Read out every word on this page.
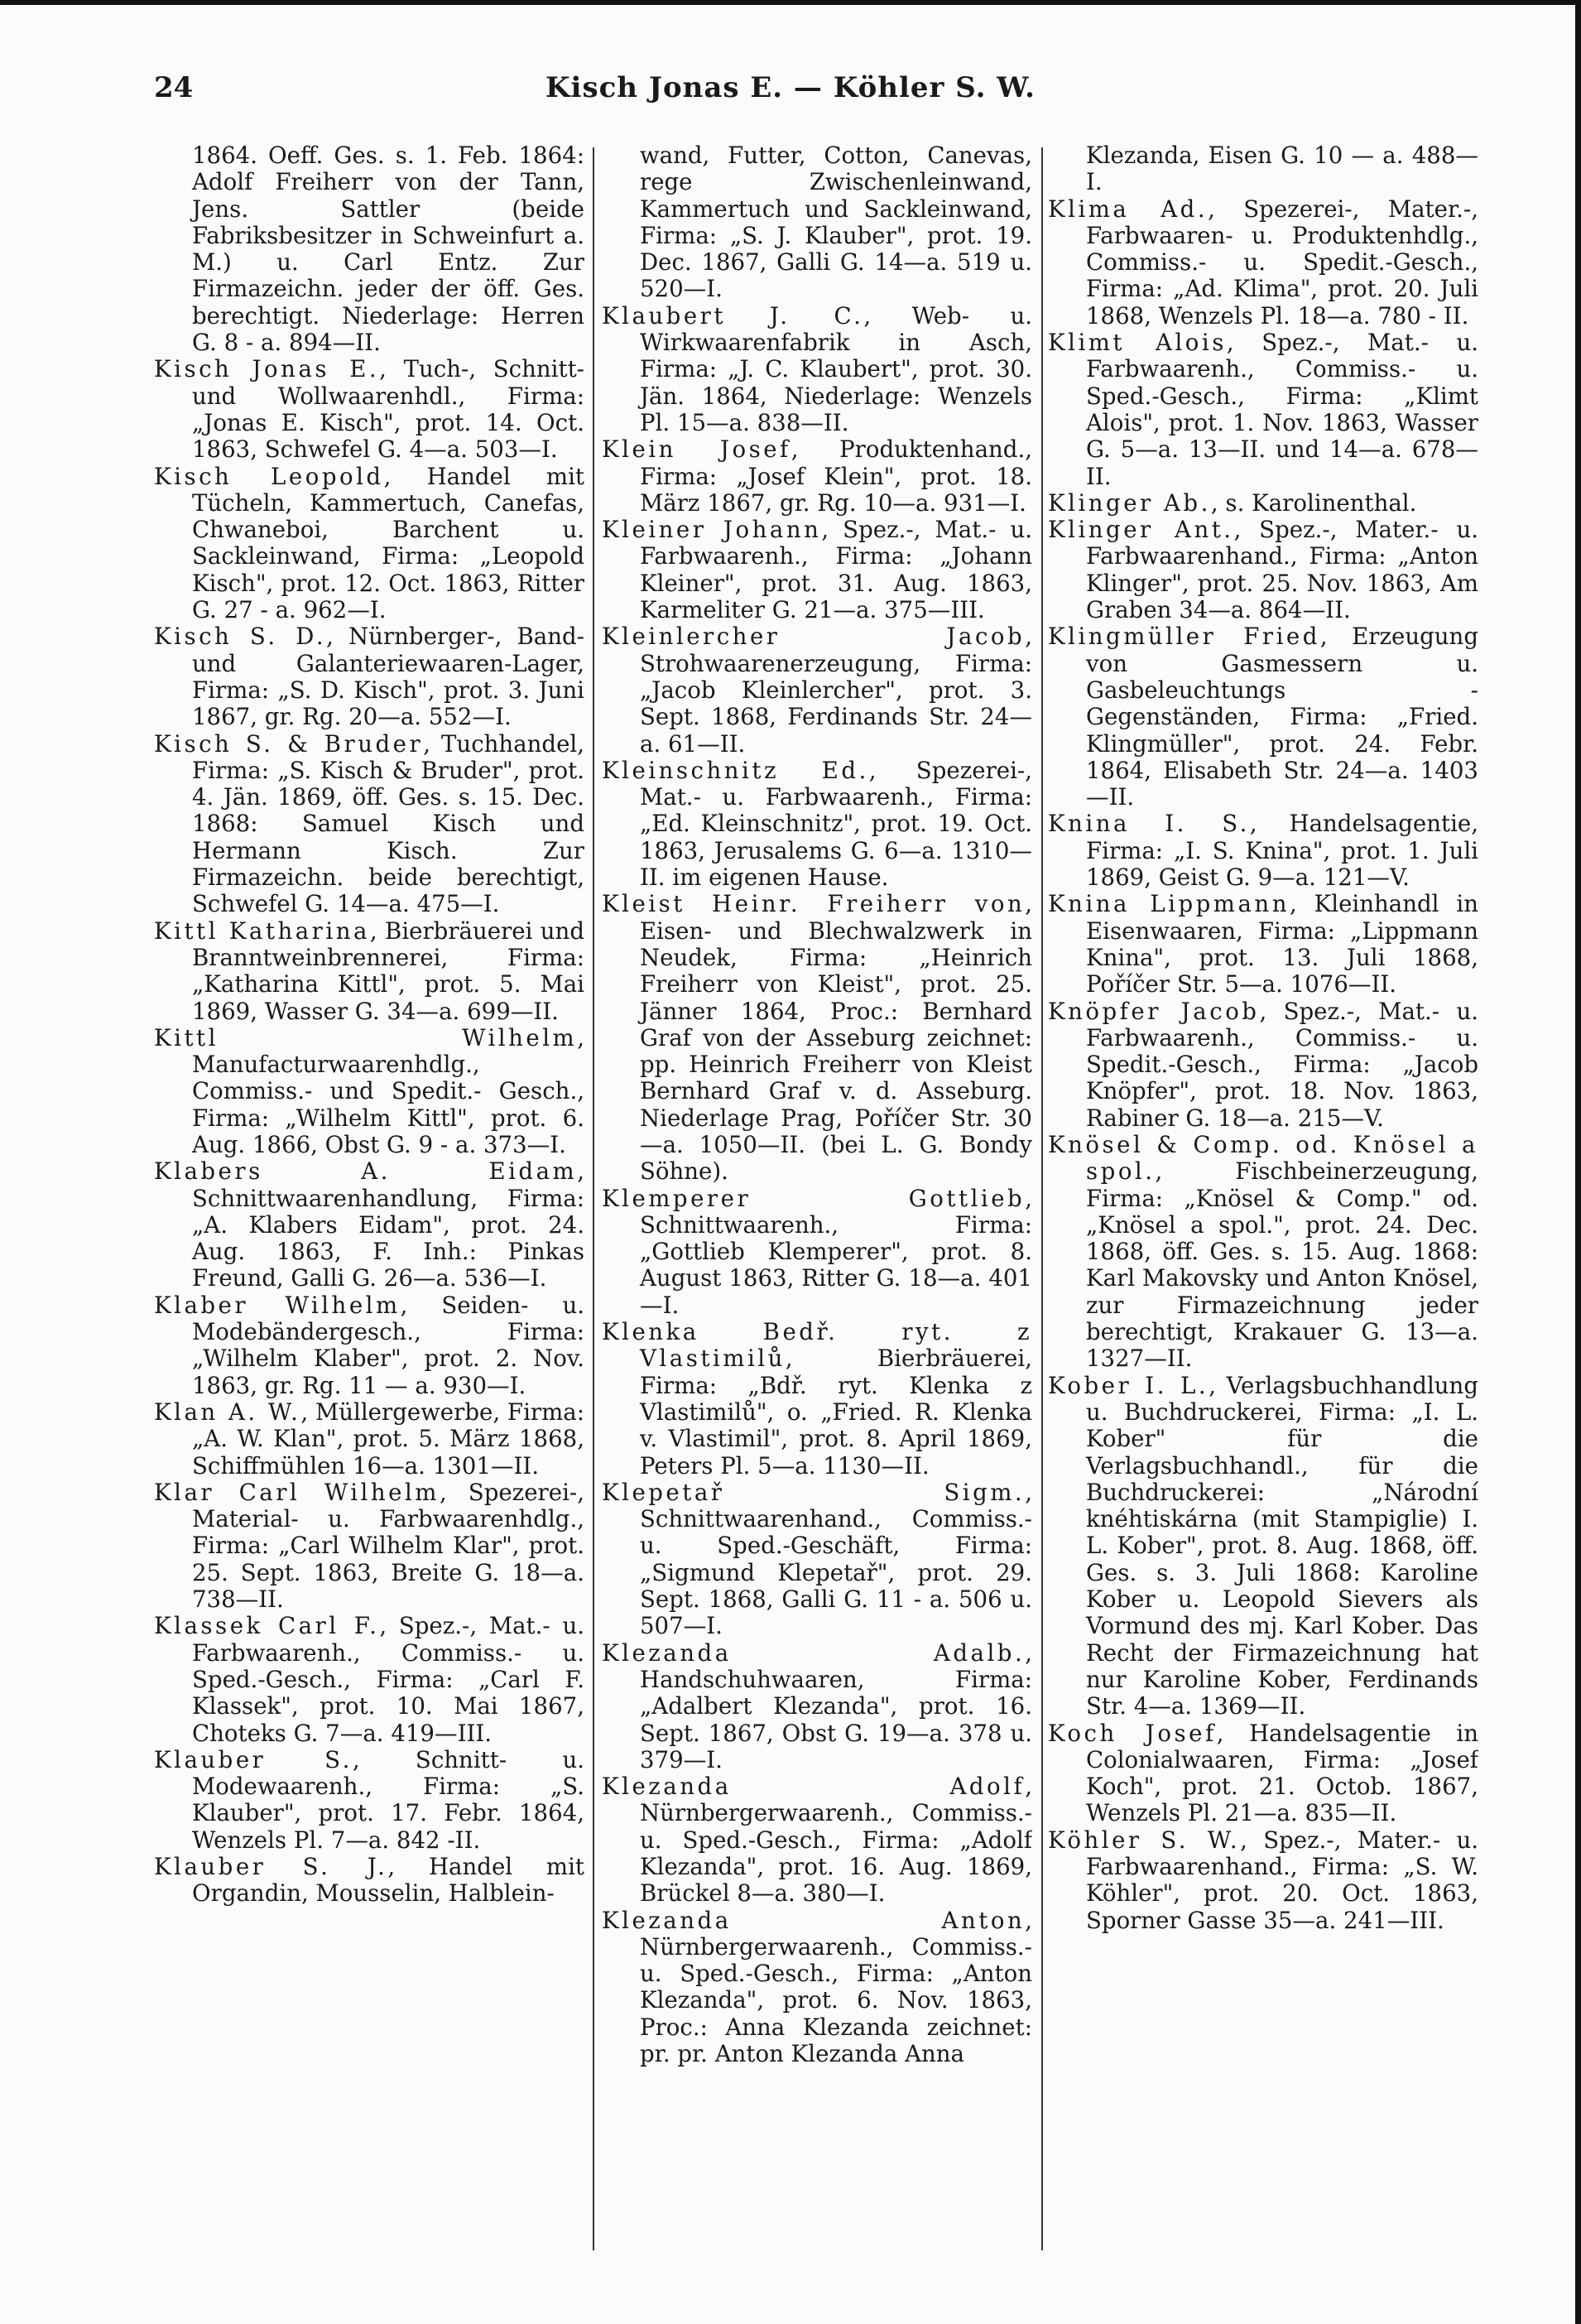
24	Kisch Jonas E. — Köhler S. W.

1864. Oeff. Ges. s. 1. Feb. 1864: Adolf Freiherr von der Tann, Jens. Sattler (beide Fabriksbesitzer in Schweinfurt a. M.) u. Carl Entz. Zur Firmazeichn. jeder der öff. Ges. berechtigt. Niederlage: Herren G. 8 - a. 894—II.

Kisch Jonas E., Tuch-, Schnitt- und Wollwaarenhdl., Firma: „Jonas E. Kisch", prot. 14. Oct. 1863, Schwefel G. 4—a. 503—I.

Kisch Leopold, Handel mit Tücheln, Kammertuch, Canefas, Chwaneboi, Barchent u. Sackleinwand, Firma: „Leopold Kisch", prot. 12. Oct. 1863, Ritter G. 27 - a. 962—I.

Kisch S. D., Nürnberger-, Band- und Galanteriewaaren-Lager, Firma: „S. D. Kisch", prot. 3. Juni 1867, gr. Rg. 20—a. 552—I.

Kisch S. & Bruder, Tuchhandel, Firma: „S. Kisch & Bruder", prot. 4. Jän. 1869, öff. Ges. s. 15. Dec. 1868: Samuel Kisch und Hermann Kisch. Zur Firmazeichn. beide berechtigt, Schwefel G. 14—a. 475—I.

Kittl Katharina, Bierbräuerei und Branntweinbrennerei, Firma: „Katharina Kittl", prot. 5. Mai 1869, Wasser G. 34—a. 699—II.

Kittl Wilhelm, Manufacturwaarenhdlg., Commiss.- und Spedit.- Gesch., Firma: „Wilhelm Kittl", prot. 6. Aug. 1866, Obst G. 9 - a. 373—I.

Klabers A. Eidam, Schnittwaarenhandlung, Firma: „A. Klabers Eidam", prot. 24. Aug. 1863, F. Inh.: Pinkas Freund, Galli G. 26—a. 536—I.

Klaber Wilhelm, Seiden- u. Modebändergesch., Firma: „Wilhelm Klaber", prot. 2. Nov. 1863, gr. Rg. 11 — a. 930—I.

Klan A. W., Müllergewerbe, Firma: „A. W. Klan", prot. 5. März 1868, Schiffmühlen 16—a. 1301—II.

Klar Carl Wilhelm, Spezerei-, Material- u. Farbwaarenhdlg., Firma: „Carl Wilhelm Klar", prot. 25. Sept. 1863, Breite G. 18—a. 738—II.

Klassek Carl F., Spez.-, Mat.- u. Farbwaarenh., Commiss.- u. Sped.-Gesch., Firma: „Carl F. Klassek", prot. 10. Mai 1867, Choteks G. 7—a. 419—III.

Klauber S., Schnitt- u. Modewaarenh., Firma: „S. Klauber", prot. 17. Febr. 1864, Wenzels Pl. 7—a. 842 -II.

Klauber S. J., Handel mit Organdin, Mousselin, Halblein-

wand, Futter, Cotton, Canevas, rege Zwischenleinwand, Kammertuch und Sackleinwand, Firma: „S. J. Klauber", prot. 19. Dec. 1867, Galli G. 14—a. 519 u. 520—I.

Klaubert J. C., Web- u. Wirkwaarenfabrik in Asch, Firma: „J. C. Klaubert", prot. 30. Jän. 1864, Niederlage: Wenzels Pl. 15—a. 838—II.

Klein Josef, Produktenhand., Firma: „Josef Klein", prot. 18. März 1867, gr. Rg. 10—a. 931—I.

Kleiner Johann, Spez.-, Mat.- u. Farbwaarenh., Firma: „Johann Kleiner", prot. 31. Aug. 1863, Karmeliter G. 21—a. 375—III.

Kleinlercher Jacob, Strohwaarenerzeugung, Firma: „Jacob Kleinlercher", prot. 3. Sept. 1868, Ferdinands Str. 24—a. 61—II.

Kleinschnitz Ed., Spezerei-, Mat.- u. Farbwaarenh., Firma: „Ed. Kleinschnitz", prot. 19. Oct. 1863, Jerusalems G. 6—a. 1310—II. im eigenen Hause.

Kleist Heinr. Freiherr von, Eisen- und Blechwalzwerk in Neudek, Firma: „Heinrich Freiherr von Kleist", prot. 25. Jänner 1864, Proc.: Bernhard Graf von der Asseburg zeichnet: pp. Heinrich Freiherr von Kleist Bernhard Graf v. d. Asseburg. Niederlage Prag, Poříčer Str. 30—a. 1050—II. (bei L. G. Bondy Söhne).

Klemperer Gottlieb, Schnittwaarenh., Firma: „Gottlieb Klemperer", prot. 8. August 1863, Ritter G. 18—a. 401—I.

Klenka Bedř. ryt. z Vlastimilů, Bierbräuerei, Firma: „Bdř. ryt. Klenka z Vlastimilů", o. „Fried. R. Klenka v. Vlastimil", prot. 8. April 1869, Peters Pl. 5—a. 1130—II.

Klepetař Sigm., Schnittwaarenhand., Commiss.- u. Sped.-Geschäft, Firma: „Sigmund Klepetař", prot. 29. Sept. 1868, Galli G. 11 - a. 506 u. 507—I.

Klezanda Adalb., Handschuhwaaren, Firma: „Adalbert Klezanda", prot. 16. Sept. 1867, Obst G. 19—a. 378 u. 379—I.

Klezanda Adolf, Nürnbergerwaarenh., Commiss.- u. Sped.-Gesch., Firma: „Adolf Klezanda", prot. 16. Aug. 1869, Brückel 8—a. 380—I.

Klezanda Anton, Nürnbergerwaarenh., Commiss.- u. Sped.-Gesch., Firma: „Anton Klezanda", prot. 6. Nov. 1863, Proc.: Anna Klezanda zeichnet: pr. pr. Anton Klezanda Anna

Klezanda, Eisen G. 10 — a. 488—I.

Klima Ad., Spezerei-, Mater.-, Farbwaaren- u. Produktenhdlg., Commiss.- u. Spedit.-Gesch., Firma: „Ad. Klima", prot. 20. Juli 1868, Wenzels Pl. 18—a. 780 - II.

Klimt Alois, Spez.-, Mat.- u. Farbwaarenh., Commiss.- u. Sped.-Gesch., Firma: „Klimt Alois", prot. 1. Nov. 1863, Wasser G. 5—a. 13—II. und 14—a. 678—II.

Klinger Ab., s. Karolinenthal.

Klinger Ant., Spez.-, Mater.- u. Farbwaarenhand., Firma: „Anton Klinger", prot. 25. Nov. 1863, Am Graben 34—a. 864—II.

Klingmüller Fried, Erzeugung von Gasmessern u. Gasbeleuchtungs - Gegenständen, Firma: „Fried. Klingmüller", prot. 24. Febr. 1864, Elisabeth Str. 24—a. 1403—II.

Knina I. S., Handelsagentie, Firma: „I. S. Knina", prot. 1. Juli 1869, Geist G. 9—a. 121—V.

Knina Lippmann, Kleinhandl in Eisenwaaren, Firma: „Lippmann Knina", prot. 13. Juli 1868, Poříčer Str. 5—a. 1076—II.

Knöpfer Jacob, Spez.-, Mat.- u. Farbwaarenh., Commiss.- u. Spedit.-Gesch., Firma: „Jacob Knöpfer", prot. 18. Nov. 1863, Rabiner G. 18—a. 215—V.

Knösel & Comp. od. Knösel a spol., Fischbeinerzeugung, Firma: „Knösel & Comp." od. „Knösel a spol.", prot. 24. Dec. 1868, öff. Ges. s. 15. Aug. 1868: Karl Makovsky und Anton Knösel, zur Firmazeichnung jeder berechtigt, Krakauer G. 13—a. 1327—II.

Kober I. L., Verlagsbuchhandlung u. Buchdruckerei, Firma: „I. L. Kober" für die Verlagsbuchhandl., für die Buchdruckerei: „Národní knéhtiskárna (mit Stampiglie) I. L. Kober", prot. 8. Aug. 1868, öff. Ges. s. 3. Juli 1868: Karoline Kober u. Leopold Sievers als Vormund des mj. Karl Kober. Das Recht der Firmazeichnung hat nur Karoline Kober, Ferdinands Str. 4—a. 1369—II.

Koch Josef, Handelsagentie in Colonialwaaren, Firma: „Josef Koch", prot. 21. Octob. 1867, Wenzels Pl. 21—a. 835—II.

Köhler S. W., Spez.-, Mater.- u. Farbwaarenhand., Firma: „S. W. Köhler", prot. 20. Oct. 1863, Sporner Gasse 35—a. 241—III.
